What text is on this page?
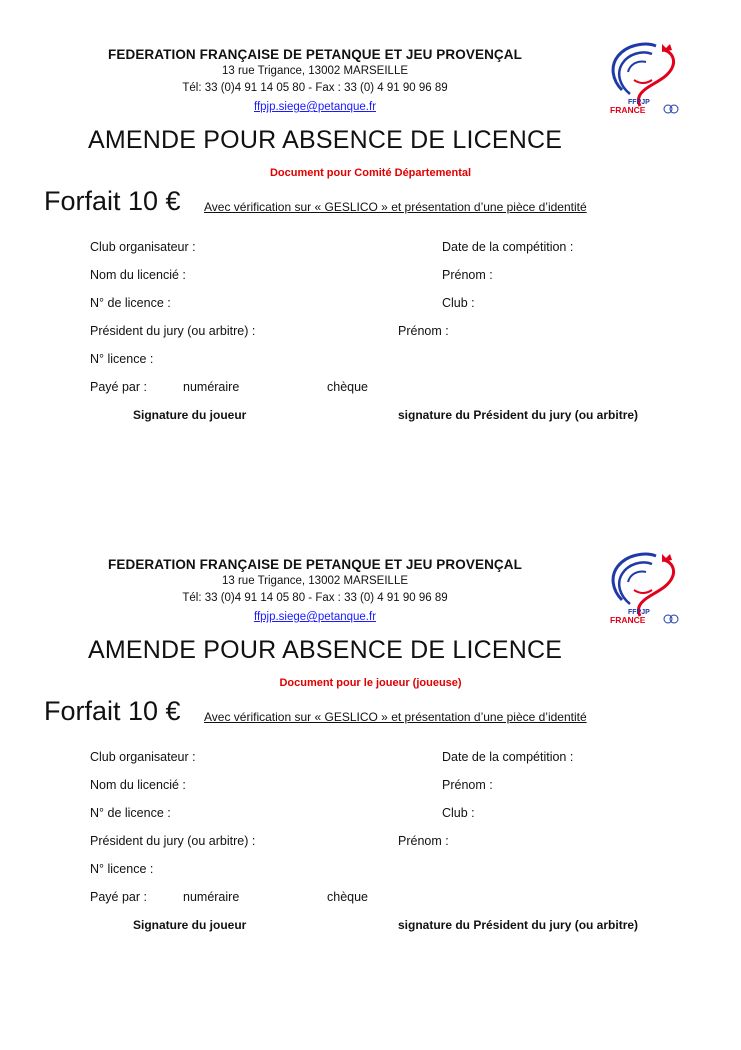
FEDERATION FRANÇAISE DE PETANQUE ET JEU PROVENÇAL
13 rue Trigance, 13002 MARSEILLE
Tél: 33 (0)4 91 14 05 80 - Fax : 33 (0) 4 91 90 96 89
ffpjp.siege@petanque.fr	FFPJP
FRANCE
AMENDE POUR ABSENCE DE LICENCE
Document pour Comité Départemental
Forfait 10 € Avec vérification sur « GESLICO » et présentation d’une pièce d’identité
Club organisateur :	Date de la compétition :
Nom du licencié :	Prénom :
N° de licence :	Club :
Président du jury (ou arbitre) :	Prénom :
N° licence :
Payé par :	numéraire	chèque
Signature du joueur	signature du Président du jury (ou arbitre)
FEDERATION FRANÇAISE DE PETANQUE ET JEU PROVENÇAL
13 rue Trigance, 13002 MARSEILLE
Tél: 33 (0)4 91 14 05 80 - Fax : 33 (0) 4 91 90 96 89
ffpjp.siege@petanque.fr	FFPJP
FRANCE
AMENDE POUR ABSENCE DE LICENCE
Document pour le joueur (joueuse)
Forfait 10 € Avec vérification sur « GESLICO » et présentation d’une pièce d’identité
Club organisateur :	Date de la compétition :
Nom du licencié :	Prénom :
N° de licence :	Club :
Président du jury (ou arbitre) :	Prénom :
N° licence :
Payé par :	numéraire	chèque
Signature du joueur	signature du Président du jury (ou arbitre)
